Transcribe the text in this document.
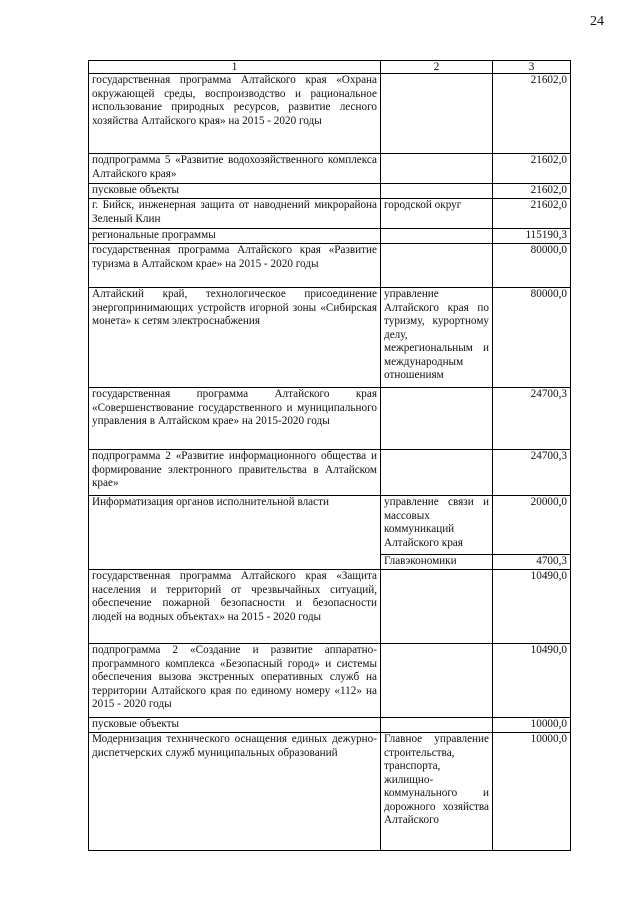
24
1	2	3
государственная программа Алтайского края «Охрана окружающей среды, воспроизводство и рациональное использование природных ресурсов, развитие лесного хозяйства Алтайского края» на 2015 - 2020 годы		21602,0
подпрограмма 5 «Развитие водохозяйственного комплекса Алтайского края»		21602,0
пусковые объекты		21602,0
г. Бийск, инженерная защита от наводнений микрорайона Зеленый Клин	городской округ	21602,0
региональные программы		115190,3
государственная программа Алтайского края «Развитие туризма в Алтайском крае» на 2015 - 2020 годы		80000,0
Алтайский край, технологическое присоединение энергопринимающих устройств игорной зоны «Сибирская монета» к сетям электроснабжения	управление Алтайского края по туризму, курортному делу, межрегиональным и международным отношениям	80000,0
государственная программа Алтайского края «Совершенствование государственного и муниципального управления в Алтайском крае» на 2015-2020 годы		24700,3
подпрограмма 2 «Развитие информационного общества и формирование электронного правительства в Алтайском крае»		24700,3
Информатизация органов исполнительной власти	управление связи и массовых коммуникаций Алтайского края	20000,0
	Главэкономики	4700,3
государственная программа Алтайского края «Защита населения и территорий от чрезвычайных ситуаций, обеспечение пожарной безопасности и безопасности людей на водных объектах» на 2015 - 2020 годы		10490,0
подпрограмма 2 «Создание и развитие аппаратно-программного комплекса «Безопасный город» и системы обеспечения вызова экстренных оперативных служб на территории Алтайского края по единому номеру «112» на 2015 - 2020 годы		10490,0
пусковые объекты		10000,0
Модернизация технического оснащения единых дежурно-диспетчерских служб муниципальных образований	Главное управление строительства, транспорта, жилищно-коммунального и дорожного хозяйства Алтайского	10000,0
